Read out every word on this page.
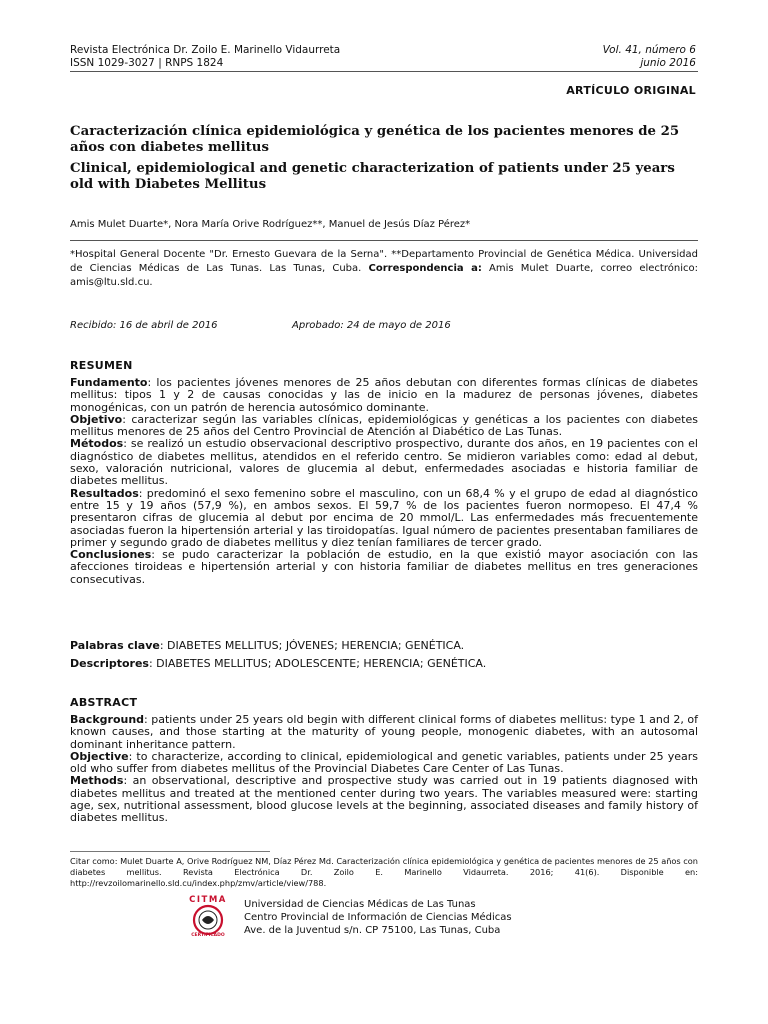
Revista Electrónica Dr. Zoilo E. Marinello Vidaurreta
ISSN 1029-3027 | RNPS 1824
Vol. 41, número 6
junio 2016
ARTÍCULO ORIGINAL
Caracterización clínica epidemiológica y genética de los pacientes menores de 25 años con diabetes mellitus
Clinical, epidemiological and genetic characterization of patients under 25 years old with Diabetes Mellitus
Amis Mulet Duarte*, Nora María Orive Rodríguez**, Manuel de Jesús Díaz Pérez*
*Hospital General Docente "Dr. Ernesto Guevara de la Serna". **Departamento Provincial de Genética Médica. Universidad de Ciencias Médicas de Las Tunas. Las Tunas, Cuba. Correspondencia a: Amis Mulet Duarte, correo electrónico: amis@ltu.sld.cu.
Recibido: 16 de abril de 2016	Aprobado: 24 de mayo de 2016
RESUMEN

Fundamento: los pacientes jóvenes menores de 25 años debutan con diferentes formas clínicas de diabetes mellitus: tipos 1 y 2 de causas conocidas y las de inicio en la madurez de personas jóvenes, diabetes monogénicas, con un patrón de herencia autosómico dominante.

Objetivo: caracterizar según las variables clínicas, epidemiológicas y genéticas a los pacientes con diabetes mellitus menores de 25 años del Centro Provincial de Atención al Diabético de Las Tunas.

Métodos: se realizó un estudio observacional descriptivo prospectivo, durante dos años, en 19 pacientes con el diagnóstico de diabetes mellitus, atendidos en el referido centro. Se midieron variables como: edad al debut, sexo, valoración nutricional, valores de glucemia al debut, enfermedades asociadas e historia familiar de diabetes mellitus.

Resultados: predominó el sexo femenino sobre el masculino, con un 68,4 % y el grupo de edad al diagnóstico entre 15 y 19 años (57,9 %), en ambos sexos. El 59,7 % de los pacientes fueron normopeso. El 47,4 % presentaron cifras de glucemia al debut por encima de 20 mmol/L. Las enfermedades más frecuentemente asociadas fueron la hipertensión arterial y las tiroidopatías. Igual número de pacientes presentaban familiares de primer y segundo grado de diabetes mellitus y diez tenían familiares de tercer grado.

Conclusiones: se pudo caracterizar la población de estudio, en la que existió mayor asociación con las afecciones tiroideas e hipertensión arterial y con historia familiar de diabetes mellitus en tres generaciones consecutivas.

Palabras clave: DIABETES MELLITUS; JÓVENES; HERENCIA; GENÉTICA.
Descriptores: DIABETES MELLITUS; ADOLESCENTE; HERENCIA; GENÉTICA.
ABSTRACT

Background: patients under 25 years old begin with different clinical forms of diabetes mellitus: type 1 and 2, of known causes, and those starting at the maturity of young people, monogenic diabetes, with an autosomal dominant inheritance pattern.

Objective: to characterize, according to clinical, epidemiological and genetic variables, patients under 25 years old who suffer from diabetes mellitus of the Provincial Diabetes Care Center of Las Tunas.

Methods: an observational, descriptive and prospective study was carried out in 19 patients diagnosed with diabetes mellitus and treated at the mentioned center during two years. The variables measured were: starting age, sex, nutritional assessment, blood glucose levels at the beginning, associated diseases and family history of diabetes mellitus.

Citar como: Mulet Duarte A, Orive Rodríguez NM, Díaz Pérez Md. Caracterización clínica epidemiológica y genética de pacientes menores de 25 años con diabetes mellitus. Revista Electrónica Dr. Zoilo E. Marinello Vidaurreta. 2016; 41(6). Disponible en: http://revzoilomarinello.sld.cu/index.php/zmv/article/view/788.
CITMA
CERTIFICADO
Universidad de Ciencias Médicas de Las Tunas
Centro Provincial de Información de Ciencias Médicas
Ave. de la Juventud s/n. CP 75100, Las Tunas, Cuba
